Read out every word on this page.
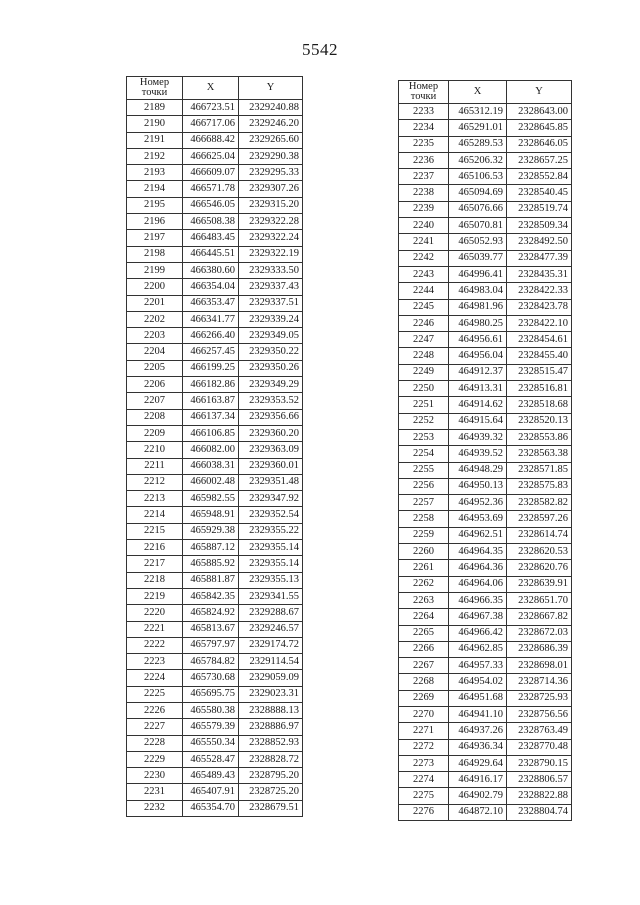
5542
Номер
точки	X	Y
2189	466723.51	2329240.88
2190	466717.06	2329246.20
2191	466688.42	2329265.60
2192	466625.04	2329290.38
2193	466609.07	2329295.33
2194	466571.78	2329307.26
2195	466546.05	2329315.20
2196	466508.38	2329322.28
2197	466483.45	2329322.24
2198	466445.51	2329322.19
2199	466380.60	2329333.50
2200	466354.04	2329337.43
2201	466353.47	2329337.51
2202	466341.77	2329339.24
2203	466266.40	2329349.05
2204	466257.45	2329350.22
2205	466199.25	2329350.26
2206	466182.86	2329349.29
2207	466163.87	2329353.52
2208	466137.34	2329356.66
2209	466106.85	2329360.20
2210	466082.00	2329363.09
2211	466038.31	2329360.01
2212	466002.48	2329351.48
2213	465982.55	2329347.92
2214	465948.91	2329352.54
2215	465929.38	2329355.22
2216	465887.12	2329355.14
2217	465885.92	2329355.14
2218	465881.87	2329355.13
2219	465842.35	2329341.55
2220	465824.92	2329288.67
2221	465813.67	2329246.57
2222	465797.97	2329174.72
2223	465784.82	2329114.54
2224	465730.68	2329059.09
2225	465695.75	2329023.31
2226	465580.38	2328888.13
2227	465579.39	2328886.97
2228	465550.34	2328852.93
2229	465528.47	2328828.72
2230	465489.43	2328795.20
2231	465407.91	2328725.20
2232	465354.70	2328679.51
Номер
точки	X	Y
2233	465312.19	2328643.00
2234	465291.01	2328645.85
2235	465289.53	2328646.05
2236	465206.32	2328657.25
2237	465106.53	2328552.84
2238	465094.69	2328540.45
2239	465076.66	2328519.74
2240	465070.81	2328509.34
2241	465052.93	2328492.50
2242	465039.77	2328477.39
2243	464996.41	2328435.31
2244	464983.04	2328422.33
2245	464981.96	2328423.78
2246	464980.25	2328422.10
2247	464956.61	2328454.61
2248	464956.04	2328455.40
2249	464912.37	2328515.47
2250	464913.31	2328516.81
2251	464914.62	2328518.68
2252	464915.64	2328520.13
2253	464939.32	2328553.86
2254	464939.52	2328563.38
2255	464948.29	2328571.85
2256	464950.13	2328575.83
2257	464952.36	2328582.82
2258	464953.69	2328597.26
2259	464962.51	2328614.74
2260	464964.35	2328620.53
2261	464964.36	2328620.76
2262	464964.06	2328639.91
2263	464966.35	2328651.70
2264	464967.38	2328667.82
2265	464966.42	2328672.03
2266	464962.85	2328686.39
2267	464957.33	2328698.01
2268	464954.02	2328714.36
2269	464951.68	2328725.93
2270	464941.10	2328756.56
2271	464937.26	2328763.49
2272	464936.34	2328770.48
2273	464929.64	2328790.15
2274	464916.17	2328806.57
2275	464902.79	2328822.88
2276	464872.10	2328804.74
